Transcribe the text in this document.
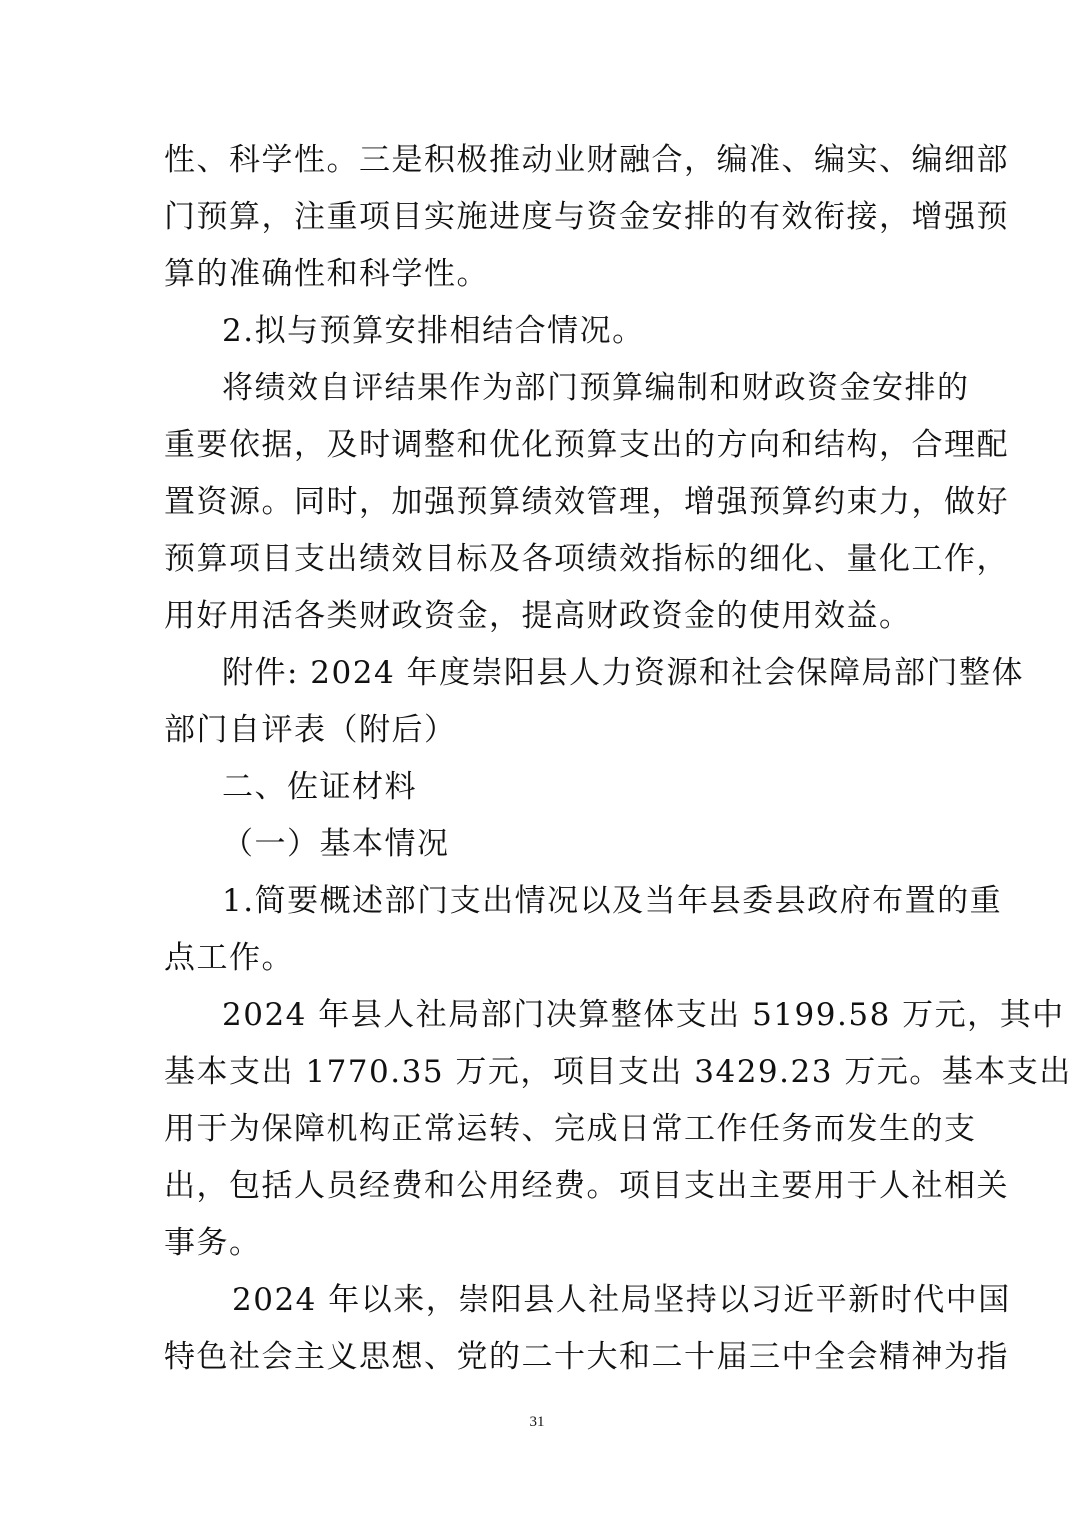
性、科学性。三是积极推动业财融合，编准、编实、编细部
门预算，注重项目实施进度与资金安排的有效衔接，增强预
算的准确性和科学性。
2.拟与预算安排相结合情况。
将绩效自评结果作为部门预算编制和财政资金安排的
重要依据，及时调整和优化预算支出的方向和结构，合理配
置资源。同时，加强预算绩效管理，增强预算约束力，做好
预算项目支出绩效目标及各项绩效指标的细化、量化工作，
用好用活各类财政资金，提高财政资金的使用效益。
附件: 2024 年度崇阳县人力资源和社会保障局部门整体
部门自评表（附后）
二、佐证材料
（一）基本情况
1.简要概述部门支出情况以及当年县委县政府布置的重
点工作。
2024 年县人社局部门决算整体支出 5199.58 万元，其中
基本支出 1770.35 万元，项目支出 3429.23 万元。基本支出
用于为保障机构正常运转、完成日常工作任务而发生的支
出，包括人员经费和公用经费。项目支出主要用于人社相关
事务。
2024 年以来，崇阳县人社局坚持以习近平新时代中国
特色社会主义思想、党的二十大和二十届三中全会精神为指
31
